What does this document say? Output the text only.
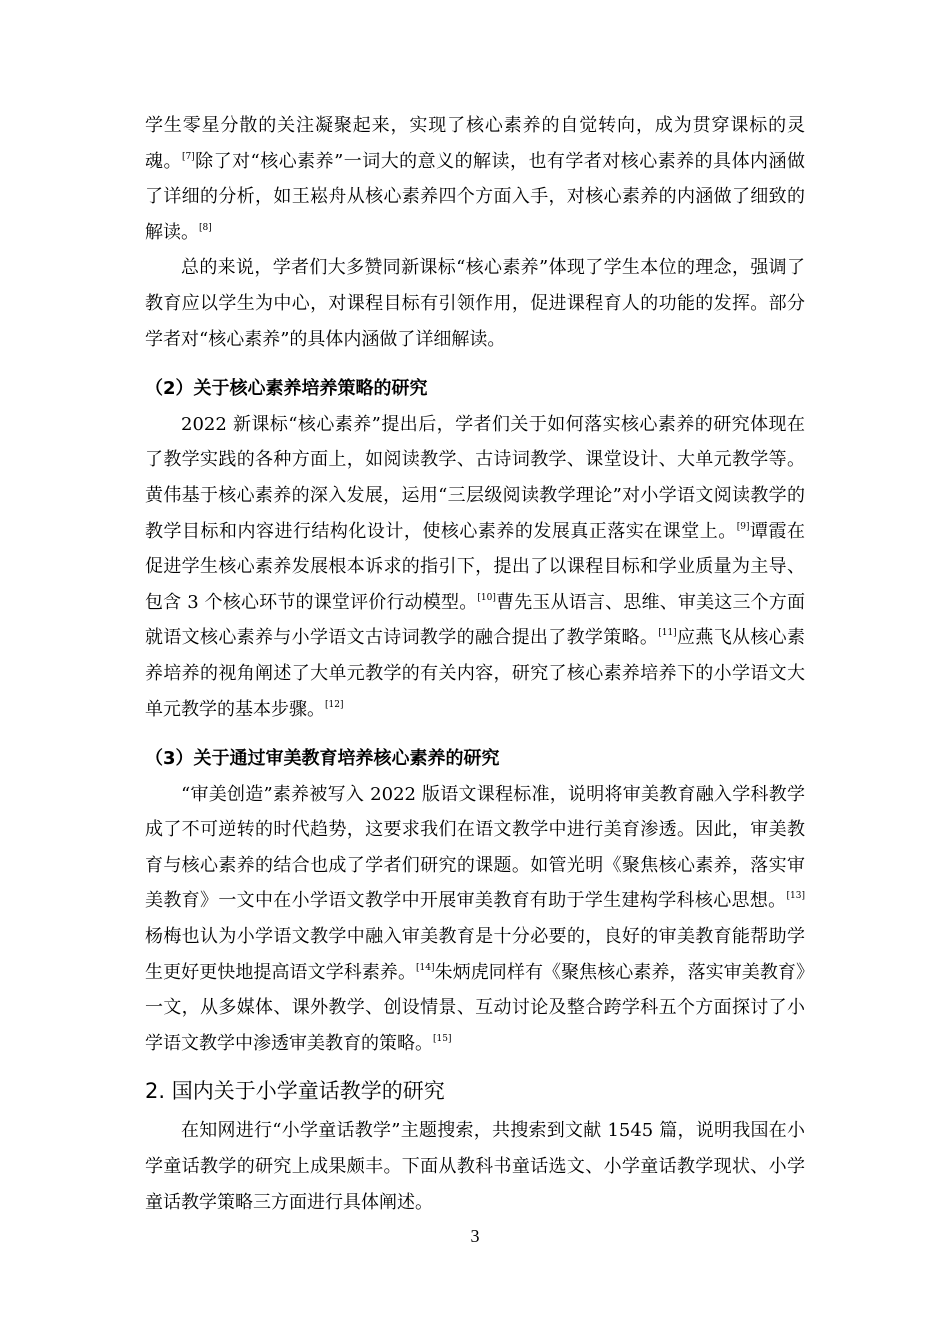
学生零星分散的关注凝聚起来，实现了核心素养的自觉转向，成为贯穿课标的灵魂。[7]除了对“核心素养”一词大的意义的解读，也有学者对核心素养的具体内涵做了详细的分析，如王崧舟从核心素养四个方面入手，对核心素养的内涵做了细致的解读。[8]

总的来说，学者们大多赞同新课标“核心素养”体现了学生本位的理念，强调了教育应以学生为中心，对课程目标有引领作用，促进课程育人的功能的发挥。部分学者对“核心素养”的具体内涵做了详细解读。

（2）关于核心素养培养策略的研究

2022 新课标“核心素养”提出后，学者们关于如何落实核心素养的研究体现在了教学实践的各种方面上，如阅读教学、古诗词教学、课堂设计、大单元教学等。黄伟基于核心素养的深入发展，运用“三层级阅读教学理论”对小学语文阅读教学的教学目标和内容进行结构化设计，使核心素养的发展真正落实在课堂上。[9]谭霞在促进学生核心素养发展根本诉求的指引下，提出了以课程目标和学业质量为主导、包含 3 个核心环节的课堂评价行动模型。[10]曹先玉从语言、思维、审美这三个方面就语文核心素养与小学语文古诗词教学的融合提出了教学策略。[11]应燕飞从核心素养培养的视角阐述了大单元教学的有关内容，研究了核心素养培养下的小学语文大单元教学的基本步骤。[12]

（3）关于通过审美教育培养核心素养的研究

“审美创造”素养被写入 2022 版语文课程标准，说明将审美教育融入学科教学成了不可逆转的时代趋势，这要求我们在语文教学中进行美育渗透。因此，审美教育与核心素养的结合也成了学者们研究的课题。如管光明《聚焦核心素养，落实审美教育》一文中在小学语文教学中开展审美教育有助于学生建构学科核心思想。[13]杨梅也认为小学语文教学中融入审美教育是十分必要的，良好的审美教育能帮助学生更好更快地提高语文学科素养。[14]朱炳虎同样有《聚焦核心素养，落实审美教育》一文，从多媒体、课外教学、创设情景、互动讨论及整合跨学科五个方面探讨了小学语文教学中渗透审美教育的策略。[15]

2. 国内关于小学童话教学的研究

在知网进行“小学童话教学”主题搜索，共搜索到文献 1545 篇，说明我国在小学童话教学的研究上成果颇丰。下面从教科书童话选文、小学童话教学现状、小学童话教学策略三方面进行具体阐述。

3
